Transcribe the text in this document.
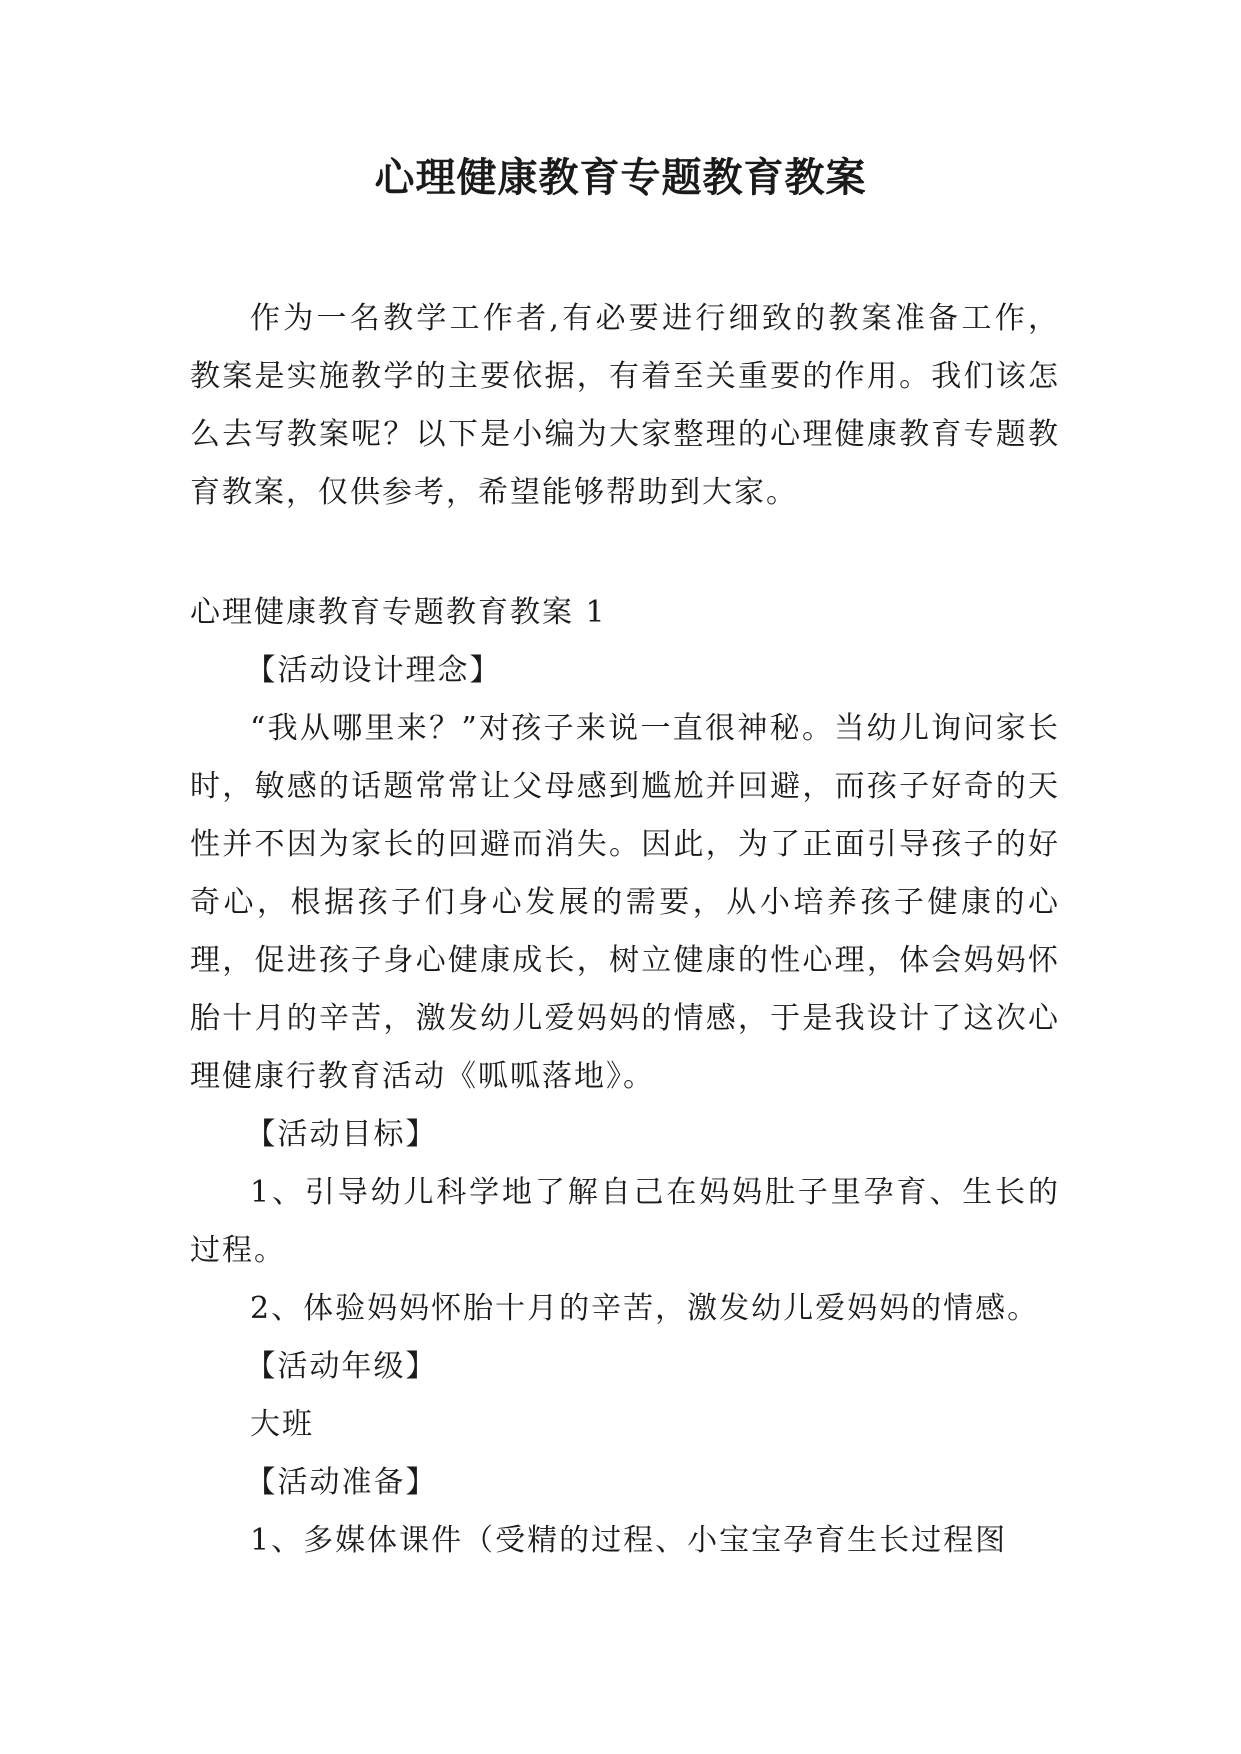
心理健康教育专题教育教案

作为一名教学工作者,有必要进行细致的教案准备工作，教案是实施教学的主要依据，有着至关重要的作用。我们该怎么去写教案呢？以下是小编为大家整理的心理健康教育专题教育教案，仅供参考，希望能够帮助到大家。

心理健康教育专题教育教案 1

【活动设计理念】

“我从哪里来？”对孩子来说一直很神秘。当幼儿询问家长时，敏感的话题常常让父母感到尴尬并回避，而孩子好奇的天性并不因为家长的回避而消失。因此，为了正面引导孩子的好奇心，根据孩子们身心发展的需要，从小培养孩子健康的心理，促进孩子身心健康成长，树立健康的性心理，体会妈妈怀胎十月的辛苦，激发幼儿爱妈妈的情感，于是我设计了这次心理健康行教育活动《呱呱落地》。

【活动目标】

1、引导幼儿科学地了解自己在妈妈肚子里孕育、生长的过程。

2、体验妈妈怀胎十月的辛苦，激发幼儿爱妈妈的情感。

【活动年级】

大班

【活动准备】

1、多媒体课件（受精的过程、小宝宝孕育生长过程图
